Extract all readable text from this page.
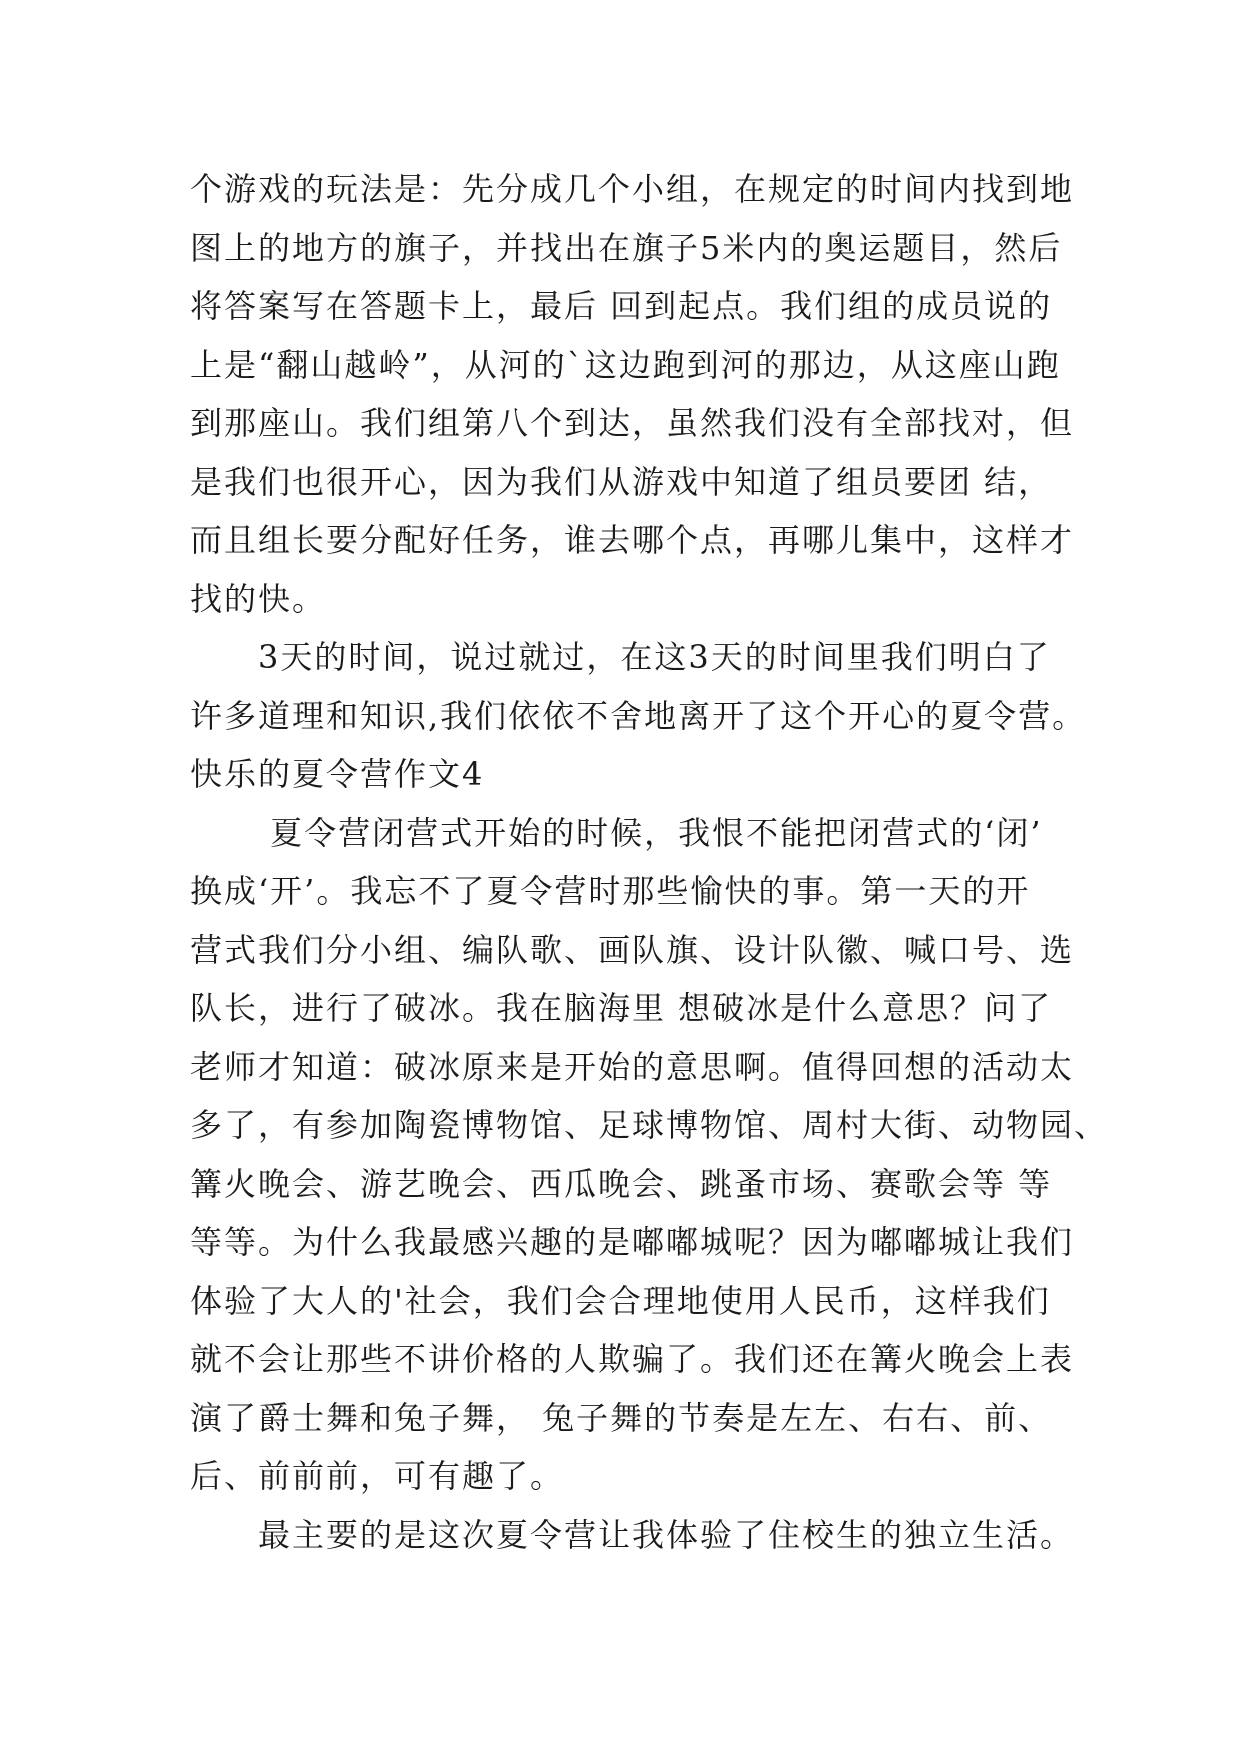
个游戏的玩法是：先分成几个小组，在规定的时间内找到地
图上的地方的旗子，并找出在旗子5米内的奥运题目，然后
将答案写在答题卡上，最后 回到起点。我们组的成员说的
上是“翻山越岭”，从河的`这边跑到河的那边，从这座山跑
到那座山。我们组第八个到达，虽然我们没有全部找对，但
是我们也很开心，因为我们从游戏中知道了组员要团 结，
而且组长要分配好任务，谁去哪个点，再哪儿集中，这样才
找的快。
　　3天的时间，说过就过，在这3天的时间里我们明白了
许多道理和知识,我们依依不舍地离开了这个开心的夏令营。
快乐的夏令营作文4
　　 夏令营闭营式开始的时候，我恨不能把闭营式的‘闭’
换成‘开’。我忘不了夏令营时那些愉快的事。第一天的开
营式我们分小组、编队歌、画队旗、设计队徽、喊口号、选
队长，进行了破冰。我在脑海里 想破冰是什么意思？问了
老师才知道：破冰原来是开始的意思啊。值得回想的活动太
多了，有参加陶瓷博物馆、足球博物馆、周村大街、动物园、
篝火晚会、游艺晚会、西瓜晚会、跳蚤市场、赛歌会等 等
等等。为什么我最感兴趣的是嘟嘟城呢？因为嘟嘟城让我们
体验了大人的'社会，我们会合理地使用人民币，这样我们
就不会让那些不讲价格的人欺骗了。我们还在篝火晚会上表
演了爵士舞和兔子舞， 兔子舞的节奏是左左、右右、前、
后、前前前，可有趣了。
　　最主要的是这次夏令营让我体验了住校生的独立生活。
